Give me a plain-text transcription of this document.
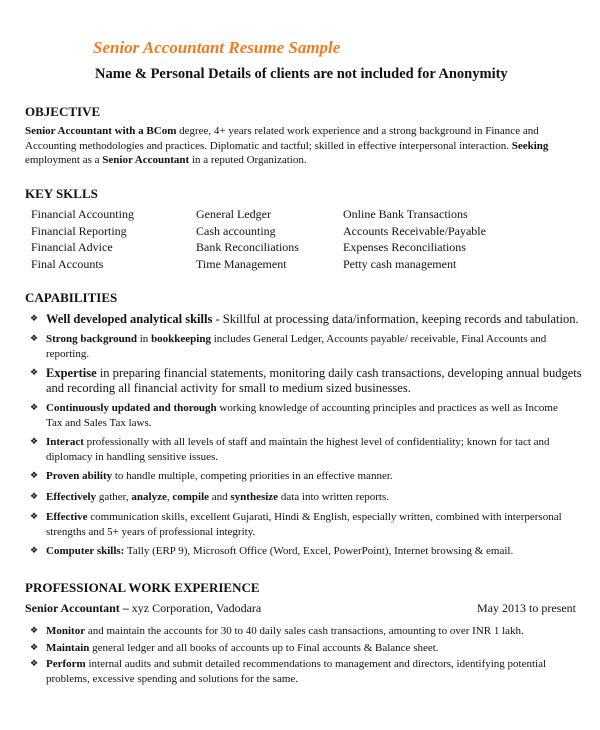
Senior Accountant Resume Sample
Name & Personal Details of clients are not included for Anonymity
OBJECTIVE
Senior Accountant with a BCom degree, 4+ years related work experience and a strong background in Finance and
Accounting methodologies and practices. Diplomatic and tactful; skilled in effective interpersonal interaction. Seeking
employment as a Senior Accountant in a reputed Organization.
KEY SKLLS
Financial Accounting
Financial Reporting
Financial Advice
Final Accounts
General Ledger
Cash accounting
Bank Reconciliations
Time Management
Online Bank Transactions
Accounts Receivable/Payable
Expenses Reconciliations
Petty cash management
CAPABILITIES
❖ Well developed analytical skills - Skillful at processing data/information, keeping records and tabulation.
❖ Strong background in bookkeeping includes General Ledger, Accounts payable/ receivable, Final Accounts and
reporting.
❖ Expertise in preparing financial statements, monitoring daily cash transactions, developing annual budgets
and recording all financial activity for small to medium sized businesses.
❖ Continuously updated and thorough working knowledge of accounting principles and practices as well as Income
Tax and Sales Tax laws.
❖ Interact professionally with all levels of staff and maintain the highest level of confidentiality; known for tact and
diplomacy in handling sensitive issues.
❖ Proven ability to handle multiple, competing priorities in an effective manner.
❖ Effectively gather, analyze, compile and synthesize data into written reports.
❖ Effective communication skills, excellent Gujarati, Hindi & English, especially written, combined with interpersonal
strengths and 5+ years of professional integrity.
❖ Computer skills: Tally (ERP 9), Microsoft Office (Word, Excel, PowerPoint), Internet browsing & email.
PROFESSIONAL WORK EXPERIENCE
Senior Accountant – xyz Corporation, Vadodara	May 2013 to present
❖ Monitor and maintain the accounts for 30 to 40 daily sales cash transactions, amounting to over INR 1 lakh.
❖ Maintain general ledger and all books of accounts up to Final accounts & Balance sheet.
❖ Perform internal audits and submit detailed recommendations to management and directors, identifying potential
problems, excessive spending and solutions for the same.
